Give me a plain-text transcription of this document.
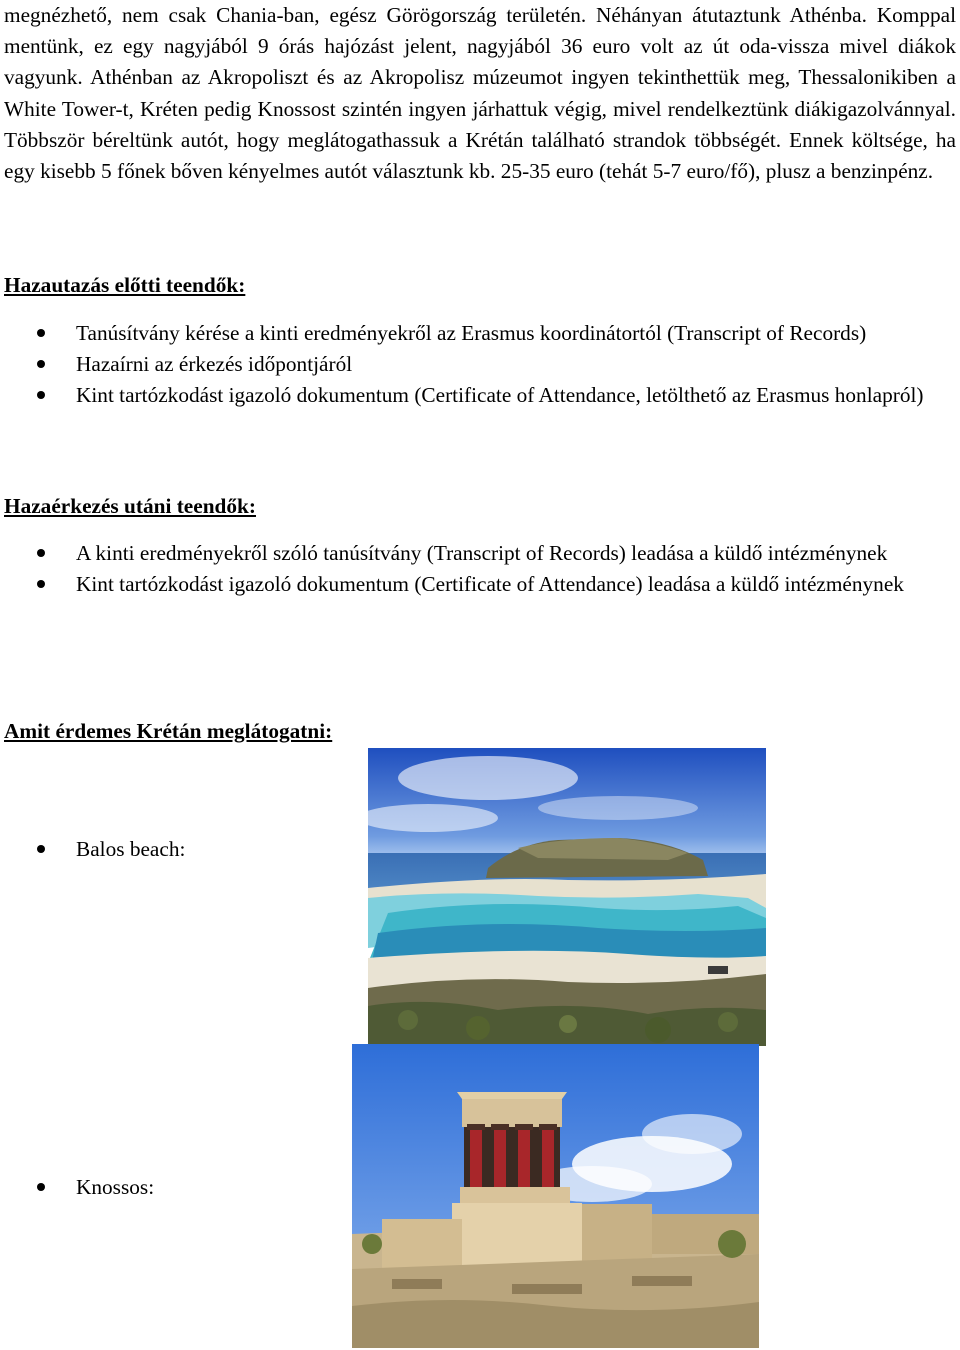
megnézhető, nem csak Chania-ban, egész Görögország területén. Néhányan átutaztunk Athénba. Komppal mentünk, ez egy nagyjából 9 órás hajózást jelent, nagyjából 36 euro volt az út oda-vissza mivel diákok vagyunk. Athénban az Akropoliszt és az Akropolisz múzeumot ingyen tekinthettük meg, Thessalonikiben a White Tower-t, Kréten pedig Knossost szintén ingyen járhattuk végig, mivel rendelkeztünk diákigazolvánnyal. Többször béreltünk autót, hogy meglátogathassuk a Krétán található strandok többségét. Ennek költsége, ha egy kisebb 5 főnek bőven kényelmes autót választunk kb. 25-35 euro (tehát 5-7 euro/fő), plusz a benzinpénz.

Hazautazás előtti teendők:
Tanúsítvány kérése a kinti eredményekről az Erasmus koordinátortól (Transcript of Records)
Hazaírni az érkezés időpontjáról
Kint tartózkodást igazoló dokumentum (Certificate of Attendance, letölthető az Erasmus honlapról)
Hazaérkezés utáni teendők:
A kinti eredményekről szóló tanúsítvány (Transcript of Records) leadása a küldő intézménynek
Kint tartózkodást igazoló dokumentum (Certificate of Attendance) leadása a küldő intézménynek
Amit érdemes Krétán meglátogatni:
Balos beach:
Knossos:
